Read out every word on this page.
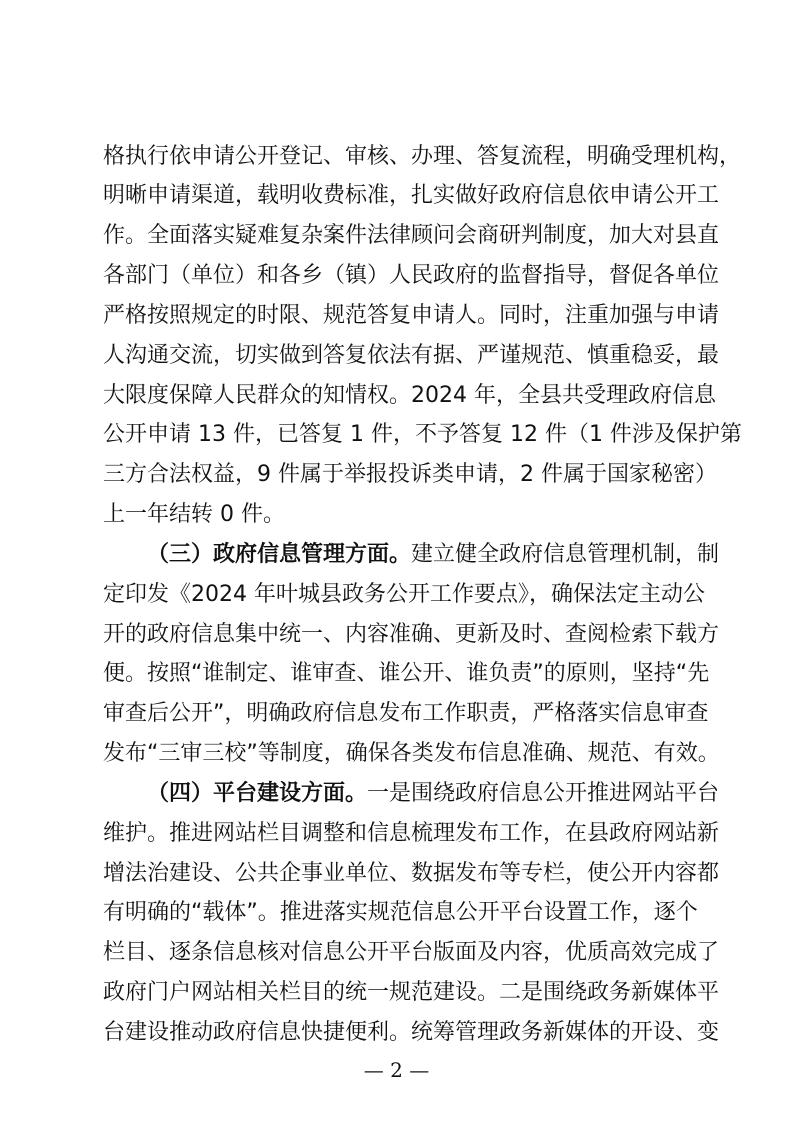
格执行依申请公开登记、审核、办理、答复流程，明确受理机构，
明晰申请渠道，载明收费标准，扎实做好政府信息依申请公开工
作。全面落实疑难复杂案件法律顾问会商研判制度，加大对县直
各部门（单位）和各乡（镇）人民政府的监督指导，督促各单位
严格按照规定的时限、规范答复申请人。同时，注重加强与申请
人沟通交流，切实做到答复依法有据、严谨规范、慎重稳妥，最
大限度保障人民群众的知情权。2024 年，全县共受理政府信息
公开申请 13 件，已答复 1 件，不予答复 12 件（1 件涉及保护第
三方合法权益，9 件属于举报投诉类申请，2 件属于国家秘密）
上一年结转 0 件。
（三）政府信息管理方面。建立健全政府信息管理机制，制
定印发《2024 年叶城县政务公开工作要点》，确保法定主动公
开的政府信息集中统一、内容准确、更新及时、查阅检索下载方
便。按照“谁制定、谁审查、谁公开、谁负责”的原则，坚持“先
审查后公开”，明确政府信息发布工作职责，严格落实信息审查
发布“三审三校”等制度，确保各类发布信息准确、规范、有效。
（四）平台建设方面。一是围绕政府信息公开推进网站平台
维护。推进网站栏目调整和信息梳理发布工作，在县政府网站新
增法治建设、公共企事业单位、数据发布等专栏，使公开内容都
有明确的“载体”。推进落实规范信息公开平台设置工作，逐个
栏目、逐条信息核对信息公开平台版面及内容，优质高效完成了
政府门户网站相关栏目的统一规范建设。二是围绕政务新媒体平
台建设推动政府信息快捷便利。统筹管理政务新媒体的开设、变
— 2 —
